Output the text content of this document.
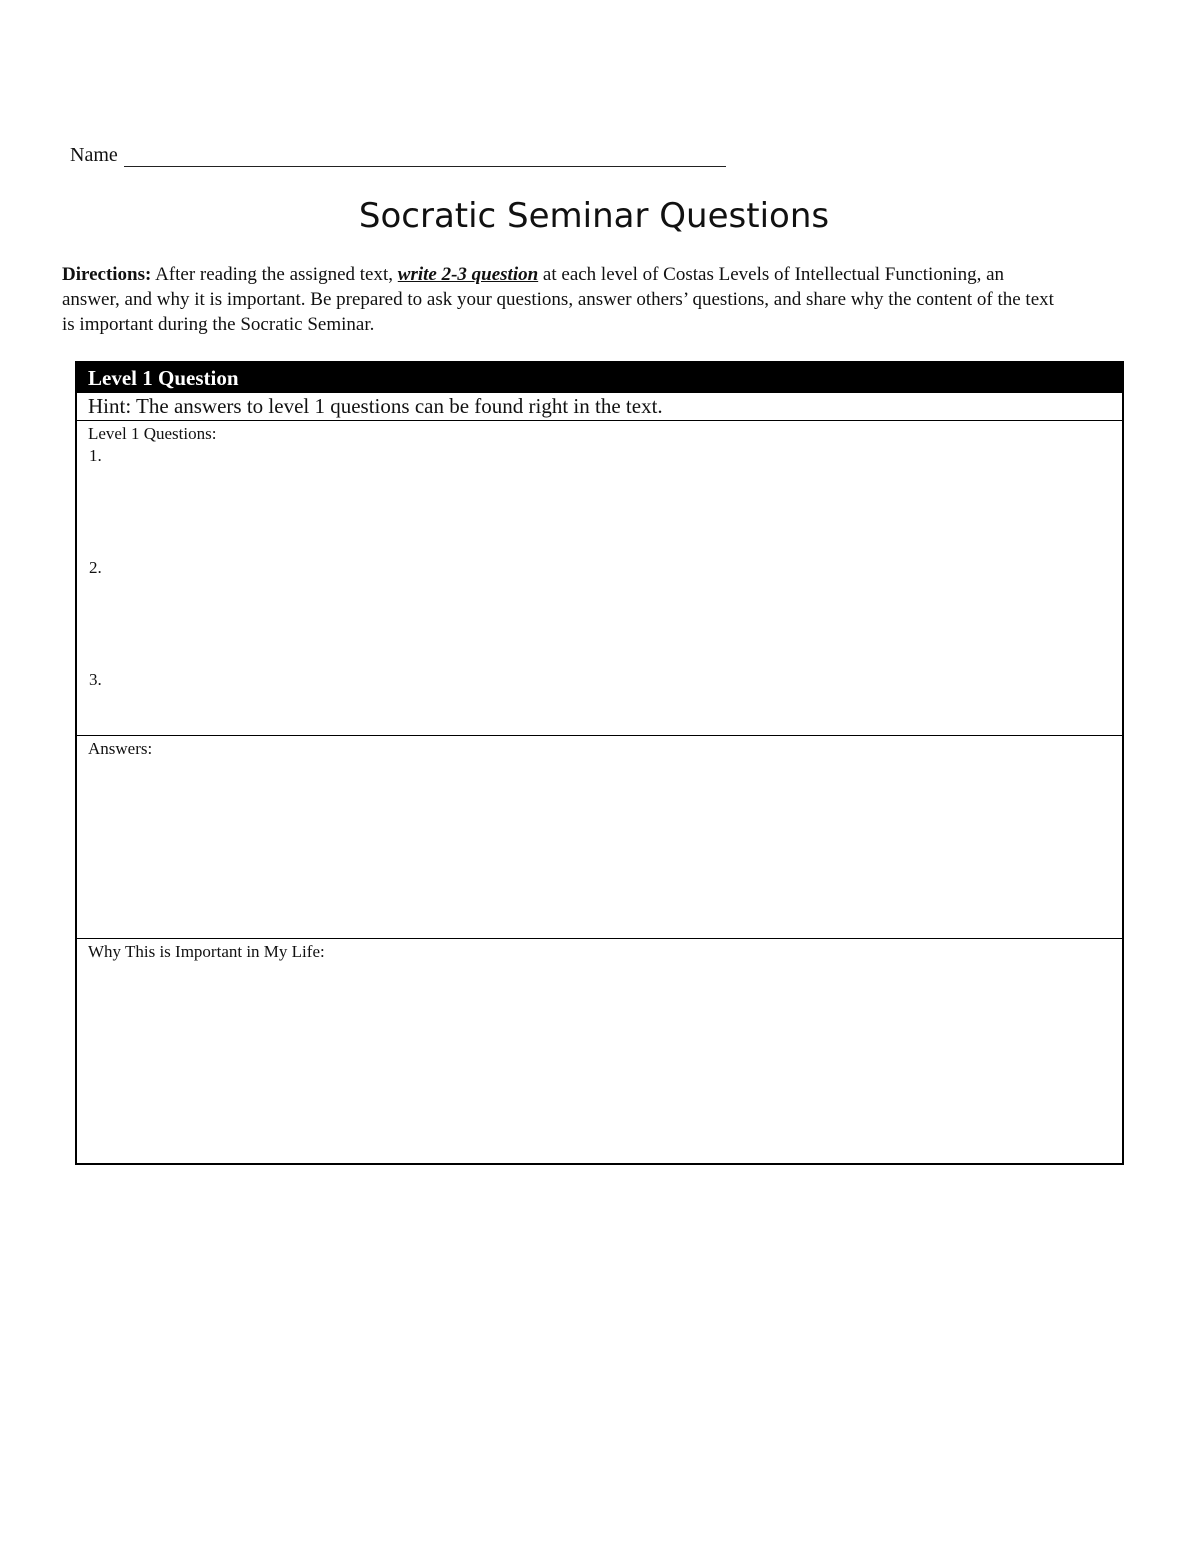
Name
Socratic Seminar Questions
Directions: After reading the assigned text, write 2-3 question at each level of Costas Levels of Intellectual Functioning, an answer, and why it is important. Be prepared to ask your questions, answer others’ questions, and share why the content of the text is important during the Socratic Seminar.
Level 1 Question
Hint: The answers to level 1 questions can be found right in the text.
Level 1 Questions:
1.
2.
3.
Answers:
Why This is Important in My Life:
